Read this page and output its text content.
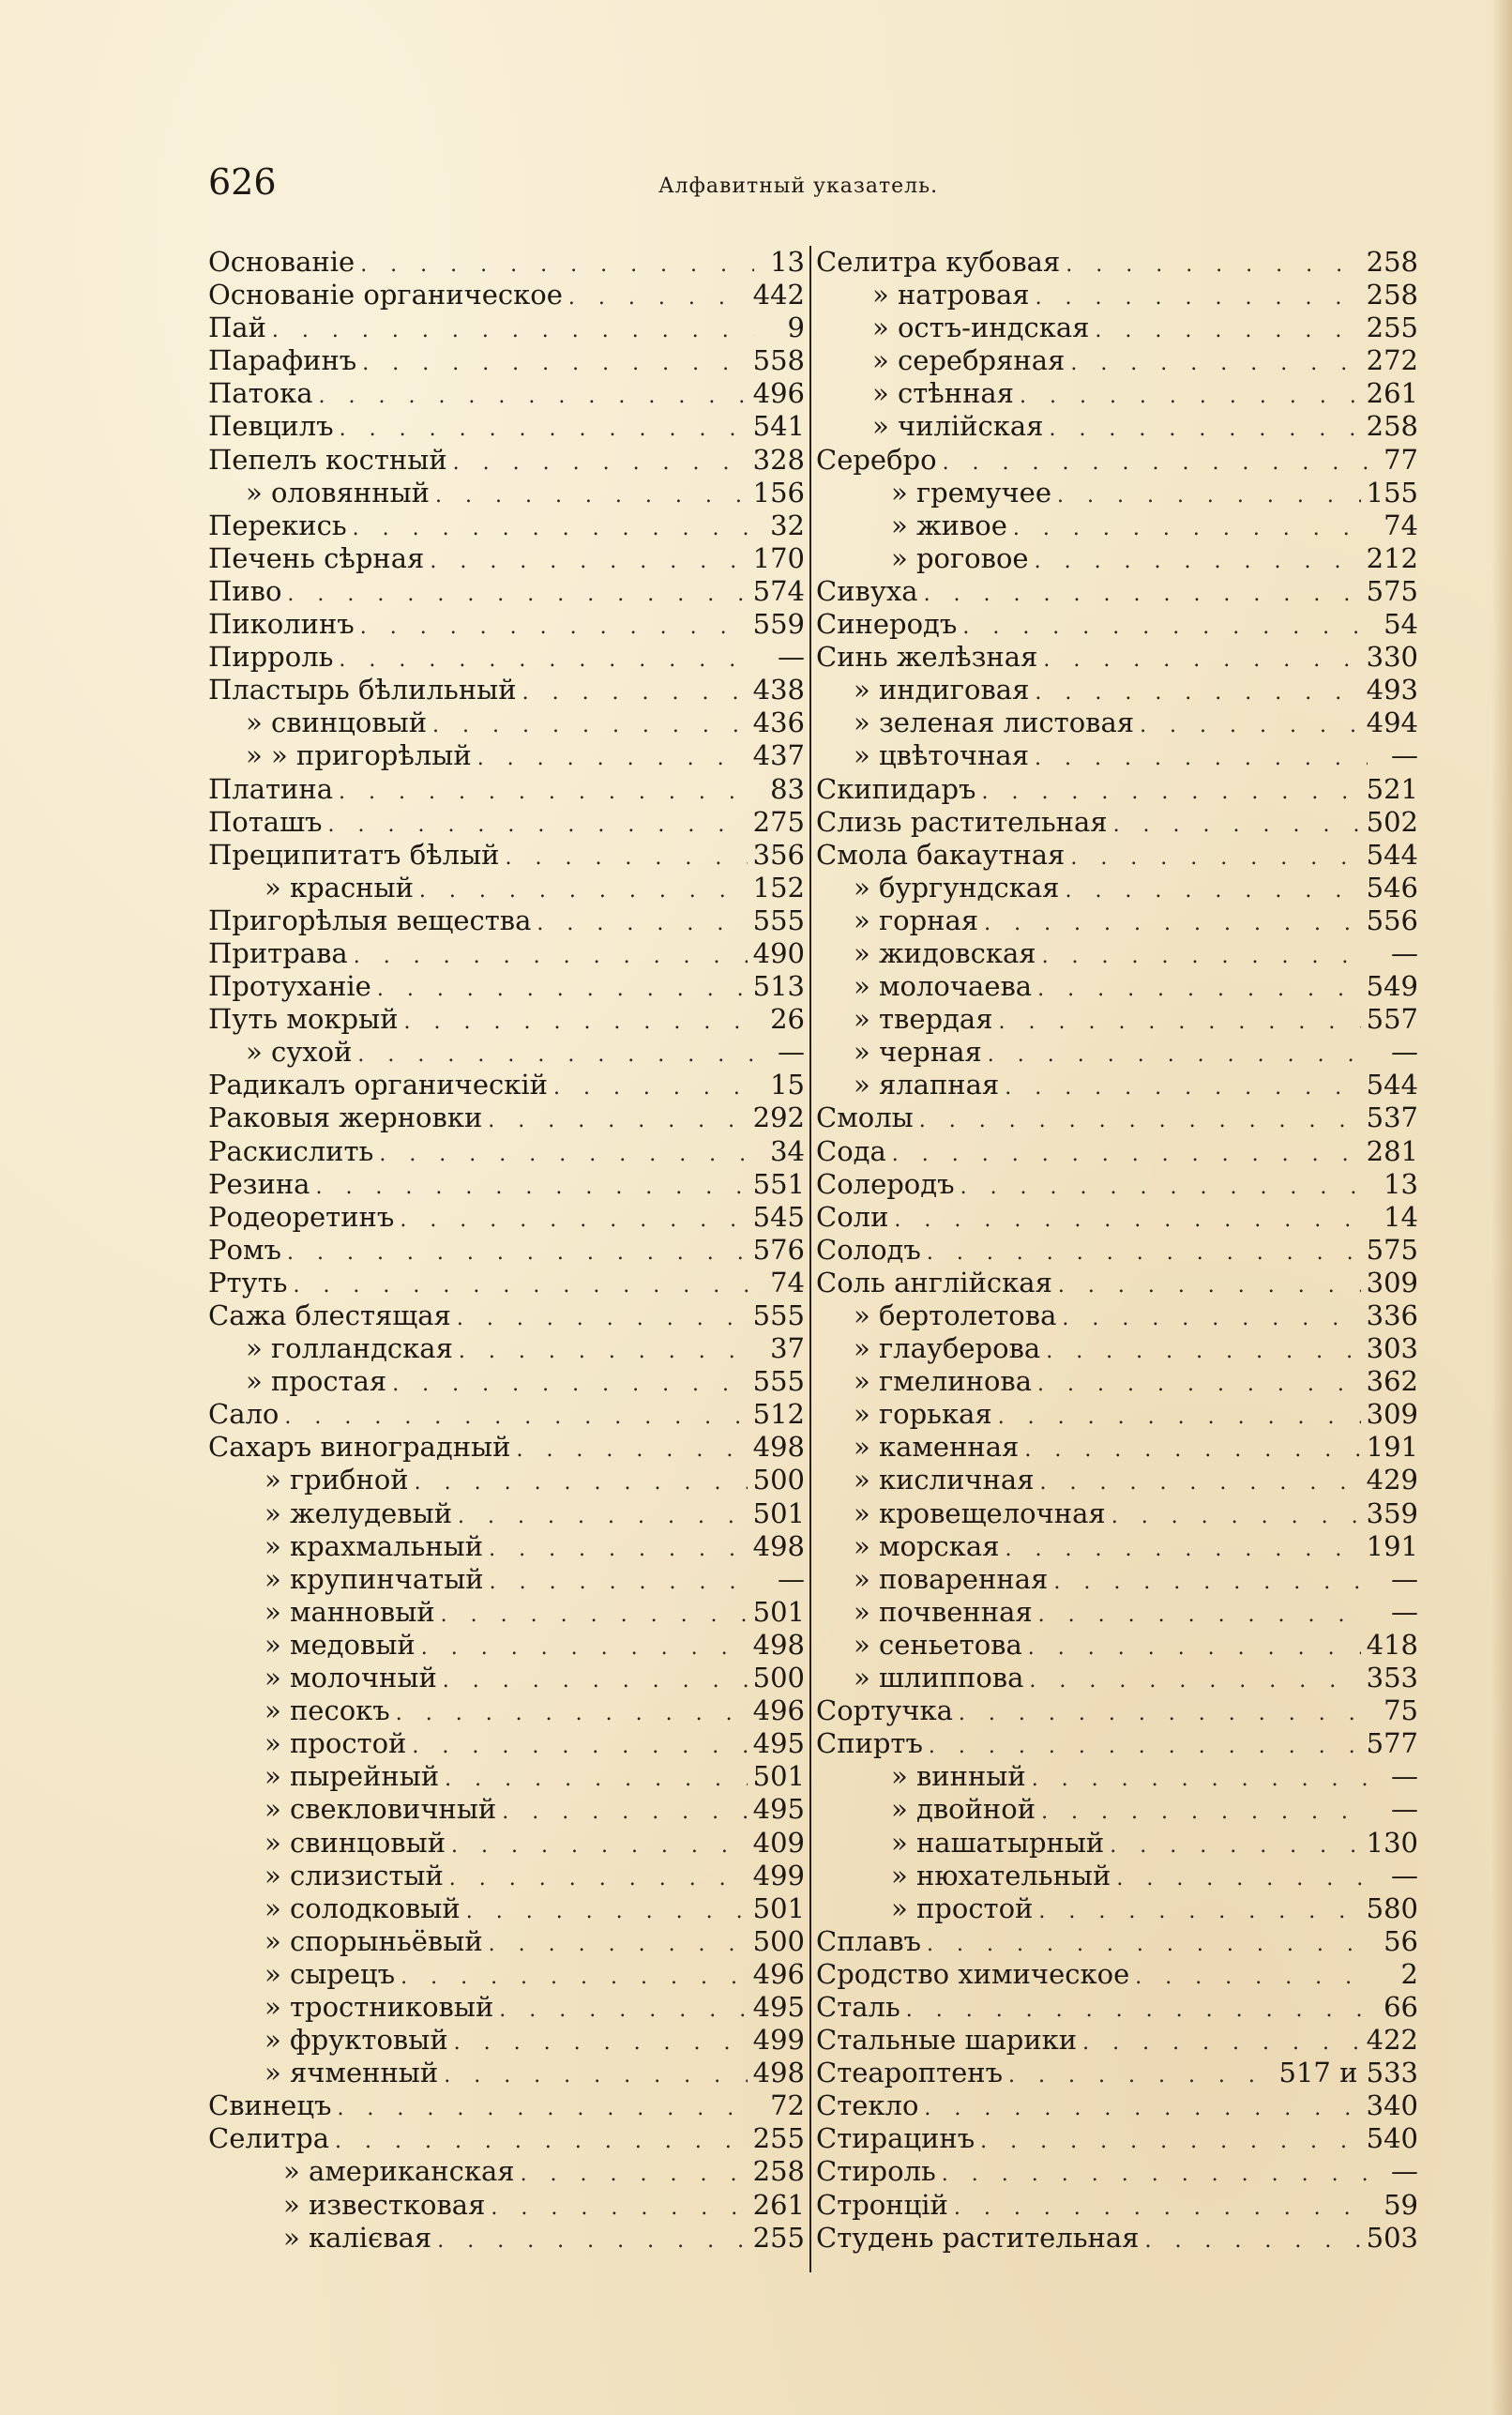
626	Алфавитный указатель.
Основаніе . . .	13
Основаніе органическое . . .	442
Пай . . .	9
Парафинъ . . .	558
Патока . . .	496
Певцилъ . . .	541
Пепелъ костный . . .	328
» оловянный . . .	156
Перекись . . .	32
Печень сѣрная . . .	170
Пиво . . .	574
Пиколинъ . . .	559
Пирроль . . .	—
Пластырь бѣлильный . . .	438
» свинцовый . . .	436
» » пригорѣлый . . .	437
Платина . . .	83
Поташъ . . .	275
Преципитатъ бѣлый . . .	356
» красный . . .	152
Пригорѣлыя вещества . . .	555
Притрава . . .	490
Протуханіе . . .	513
Путь мокрый . . .	26
» сухой . . .	—
Радикалъ органическій . . .	15
Раковыя жерновки . . .	292
Раскислить . . .	34
Резина . . .	551
Родеоретинъ . . .	545
Ромъ . . .	576
Ртуть . . .	74
Сажа блестящая . . .	555
» голландская . . .	37
» простая . . .	555
Сало . . .	512
Сахаръ виноградный . . .	498
» грибной . . .	500
» желудевый . . .	501
» крахмальный . . .	498
» крупинчатый . . .	—
» манновый . . .	501
» медовый . . .	498
» молочный . . .	500
» песокъ . . .	496
» простой . . .	495
» пырейный . . .	501
» свекловичный . . .	495
» свинцовый . . .	409
» слизистый . . .	499
» солодковый . . .	501
» спорыньёвый . . .	500
» сырецъ . . .	496
» тростниковый . . .	495
» фруктовый . . .	499
» ячменный . . .	498
Свинецъ . . .	72
Селитра . . .	255
» американская . . .	258
» известковая . . .	261
» калієвая . . .	255
Селитра кубовая . . .	258
» натровая . . .	258
» остъ-индская . . .	255
» серебряная . . .	272
» стѣнная . . .	261
» чилійская . . .	258
Серебро . . .	77
» гремучее . . .	155
» живое . . .	74
» роговое . . .	212
Сивуха . . .	575
Синеродъ . . .	54
Синь желѣзная . . .	330
» индиговая . . .	493
» зеленая листовая . . .	494
» цвѣточная . . .	—
Скипидаръ . . .	521
Слизь растительная . . .	502
Смола бакаутная . . .	544
» бургундская . . .	546
» горная . . .	556
» жидовская . . .	—
» молочаева . . .	549
» твердая . . .	557
» черная . . .	—
» ялапная . . .	544
Смолы . . .	537
Сода . . .	281
Солеродъ . . .	13
Соли . . .	14
Солодъ . . .	575
Соль англійская . . .	309
» бертолетова . . .	336
» глауберова . . .	303
» гмелинова . . .	362
» горькая . . .	309
» каменная . . .	191
» кисличная . . .	429
» кровещелочная . . .	359
» морская . . .	191
» поваренная . . .	—
» почвенная . . .	—
» сеньетова . . .	418
» шлиппова . . .	353
Сортучка . . .	75
Спиртъ . . .	577
» винный . . .	—
» двойной . . .	—
» нашатырный . . .	130
» нюхательный . . .	—
» простой . . .	580
Сплавъ . . .	56
Сродство химическое . . .	2
Сталь . . .	66
Стальные шарики . . .	422
Стеароптенъ . . .	517 и 533
Стекло . . .	340
Стирацинъ . . .	540
Стироль . . .	—
Стронцій . . .	59
Студень растительная . . .	503
